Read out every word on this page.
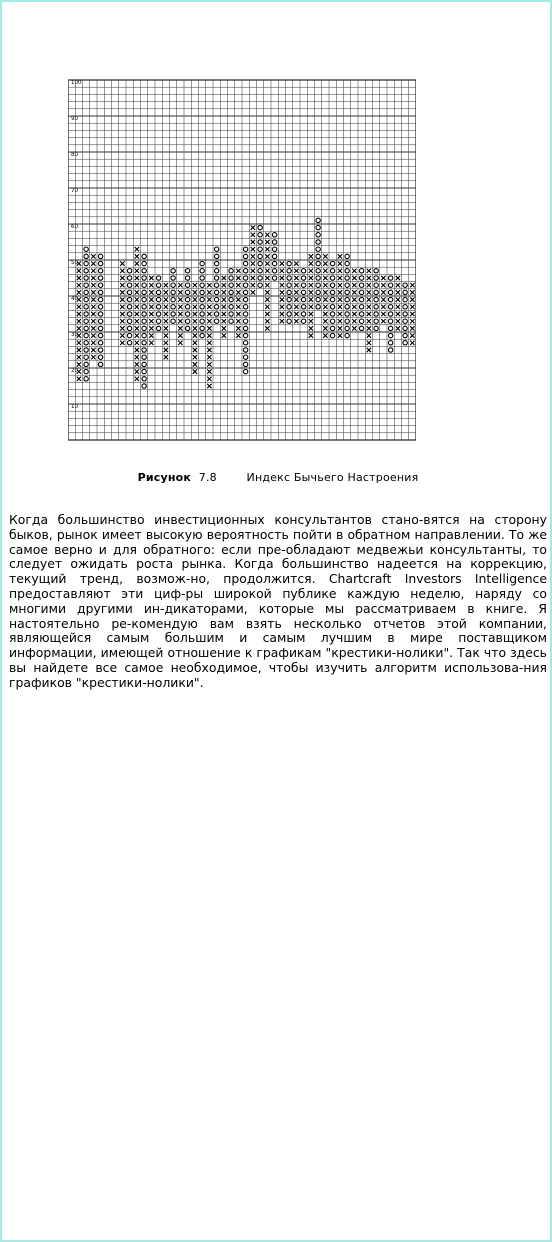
100
90
80
70
60
50
40
30
20
10
Рисунок 7.8	Индекс Бычьего Настроения
Когда большинство инвестиционных консультантов стано-вятся на сторону быков, рынок имеет высокую вероятность пойти в обратном направлении. То же самое верно и для обратного: если пре-обладают медвежьи консультанты, то следует ожидать роста рынка. Когда большинство надеется на коррекцию, текущий тренд, возмож-но, продолжится. Chartcraft Investors Intelligence предоставляют эти циф-ры широкой публике каждую неделю, наряду со многими другими ин-дикаторами, которые мы рассматриваем в книге. Я настоятельно ре-комендую вам взять несколько отчетов этой компании, являющейся самым большим и самым лучшим в мире поставщиком информации, имеющей отношение к графикам "крестики-нолики". Так что здесь вы найдете все самое необходимое, чтобы изучить алгоритм использова-ния графиков "крестики-нолики".
